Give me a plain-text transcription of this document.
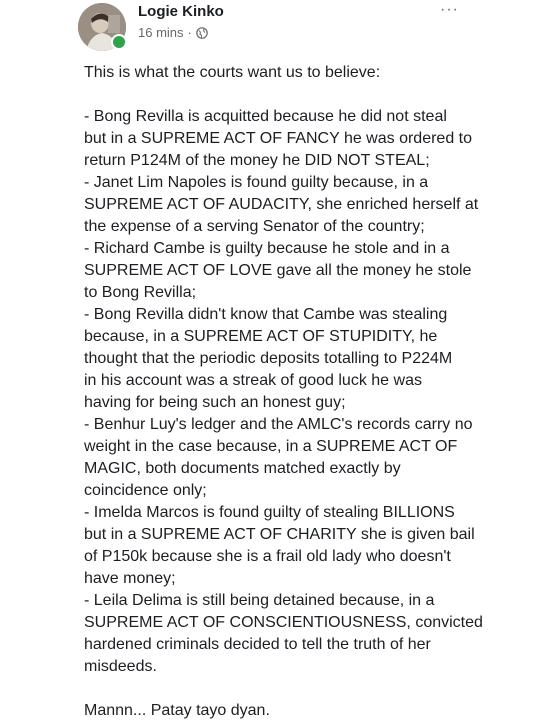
Logie Kinko
16 mins ·
···
This is what the courts want us to believe:
- Bong Revilla is acquitted because he did not steal
but in a SUPREME ACT OF FANCY he was ordered to
return P124M of the money he DID NOT STEAL;
- Janet Lim Napoles is found guilty because, in a
SUPREME ACT OF AUDACITY, she enriched herself at
the expense of a serving Senator of the country;
- Richard Cambe is guilty because he stole and in a
SUPREME ACT OF LOVE gave all the money he stole
to Bong Revilla;
- Bong Revilla didn't know that Cambe was stealing
because, in a SUPREME ACT OF STUPIDITY, he
thought that the periodic deposits totalling to P224M
in his account was a streak of good luck he was
having for being such an honest guy;
- Benhur Luy's ledger and the AMLC's records carry no
weight in the case because, in a SUPREME ACT OF
MAGIC, both documents matched exactly by
coincidence only;
- Imelda Marcos is found guilty of stealing BILLIONS
but in a SUPREME ACT OF CHARITY she is given bail
of P150k because she is a frail old lady who doesn't
have money;
- Leila Delima is still being detained because, in a
SUPREME ACT OF CONSCIENTIOUSNESS, convicted
hardened criminals decided to tell the truth of her
misdeeds.
Mannn... Patay tayo dyan.
